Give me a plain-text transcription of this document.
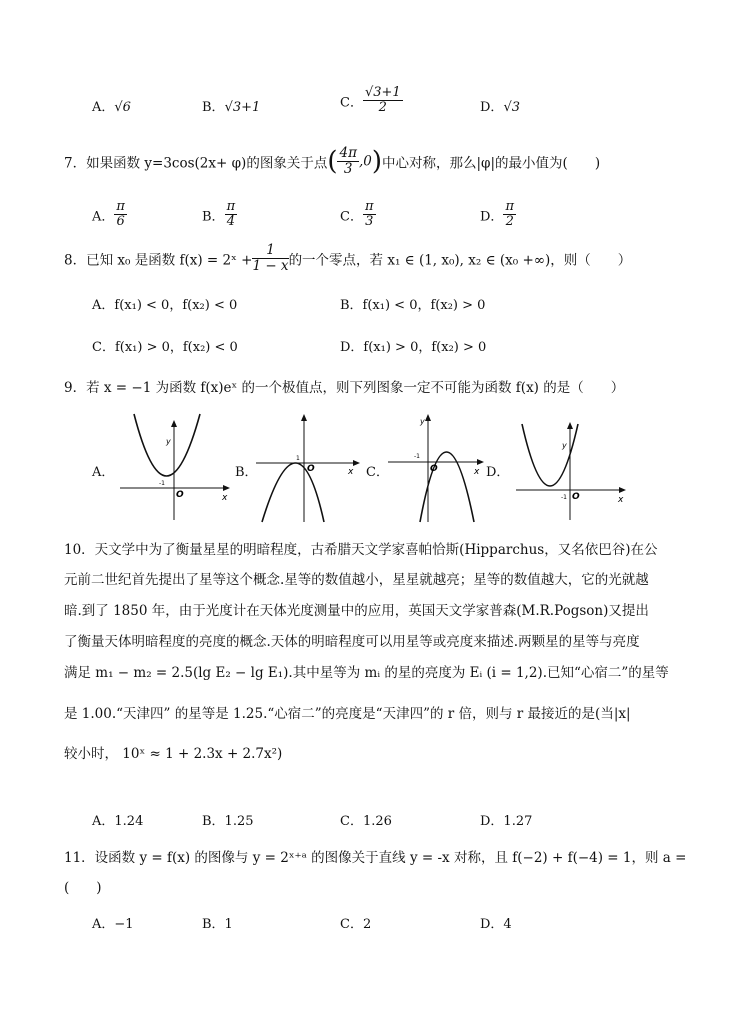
A．√6	B．√3+1	C． $\frac{√3+1}{2}$	D．√3
7．如果函数 y=3cos(2x+ φ)的图象关于点( $\frac{4\pi}{3} ,0$)中心对称，那么|φ|的最小值为(　　)
A． $\frac{\pi}{6}$	B． $\frac{\pi}{4}$	C． $\frac{\pi}{3}$	D． $\frac{\pi}{2}$
8．已知 x₀ 是函数 f(x) = 2ˣ + $\frac{1}{1 - x}$ 的一个零点，若 x₁ ∈ (1, x₀), x₂ ∈ (x₀ +∞)，则（　　）
A．f(x₁) < 0，f(x₂) < 0	B．f(x₁) < 0，f(x₂) > 0
C．f(x₁) > 0，f(x₂) < 0	D．f(x₁) > 0，f(x₂) > 0
9．若 x = −1 为函数 f(x)eˣ 的一个极值点，则下列图象一定不可能为函数 f(x) 的是（　　）
A．	B．	C．	D．
y
x
O
-1
x
O
1
y
x
O
-1
y
x
O
-1
10．天文学中为了衡量星星的明暗程度，古希腊天文学家喜帕恰斯(Hipparchus，又名依巴谷)在公
元前二世纪首先提出了星等这个概念.星等的数值越小，星星就越亮；星等的数值越大，它的光就越
暗.到了 1850 年，由于光度计在天体光度测量中的应用，英国天文学家普森(M.R.Pogson)又提出
了衡量天体明暗程度的亮度的概念.天体的明暗程度可以用星等或亮度来描述.两颗星的星等与亮度
满足 m₁ − m₂ = 2.5(lg E₂ − lg E₁).其中星等为 mᵢ 的星的亮度为 Eᵢ (i = 1,2).已知“心宿二”的星等
是 1.00.“天津四” 的星等是 1.25.“心宿二”的亮度是“天津四”的 r 倍，则与 r 最接近的是(当|x|
较小时， 10ˣ ≈ 1 + 2.3x + 2.7x²)
A．1.24	B．1.25	C．1.26	D．1.27
11．设函数 y = f(x) 的图像与 y = 2ˣ⁺ᵃ 的图像关于直线 y = -x 对称，且 f(−2) + f(−4) = 1，则 a =
(　　)
A．−1	B．1	C．2	D．4
